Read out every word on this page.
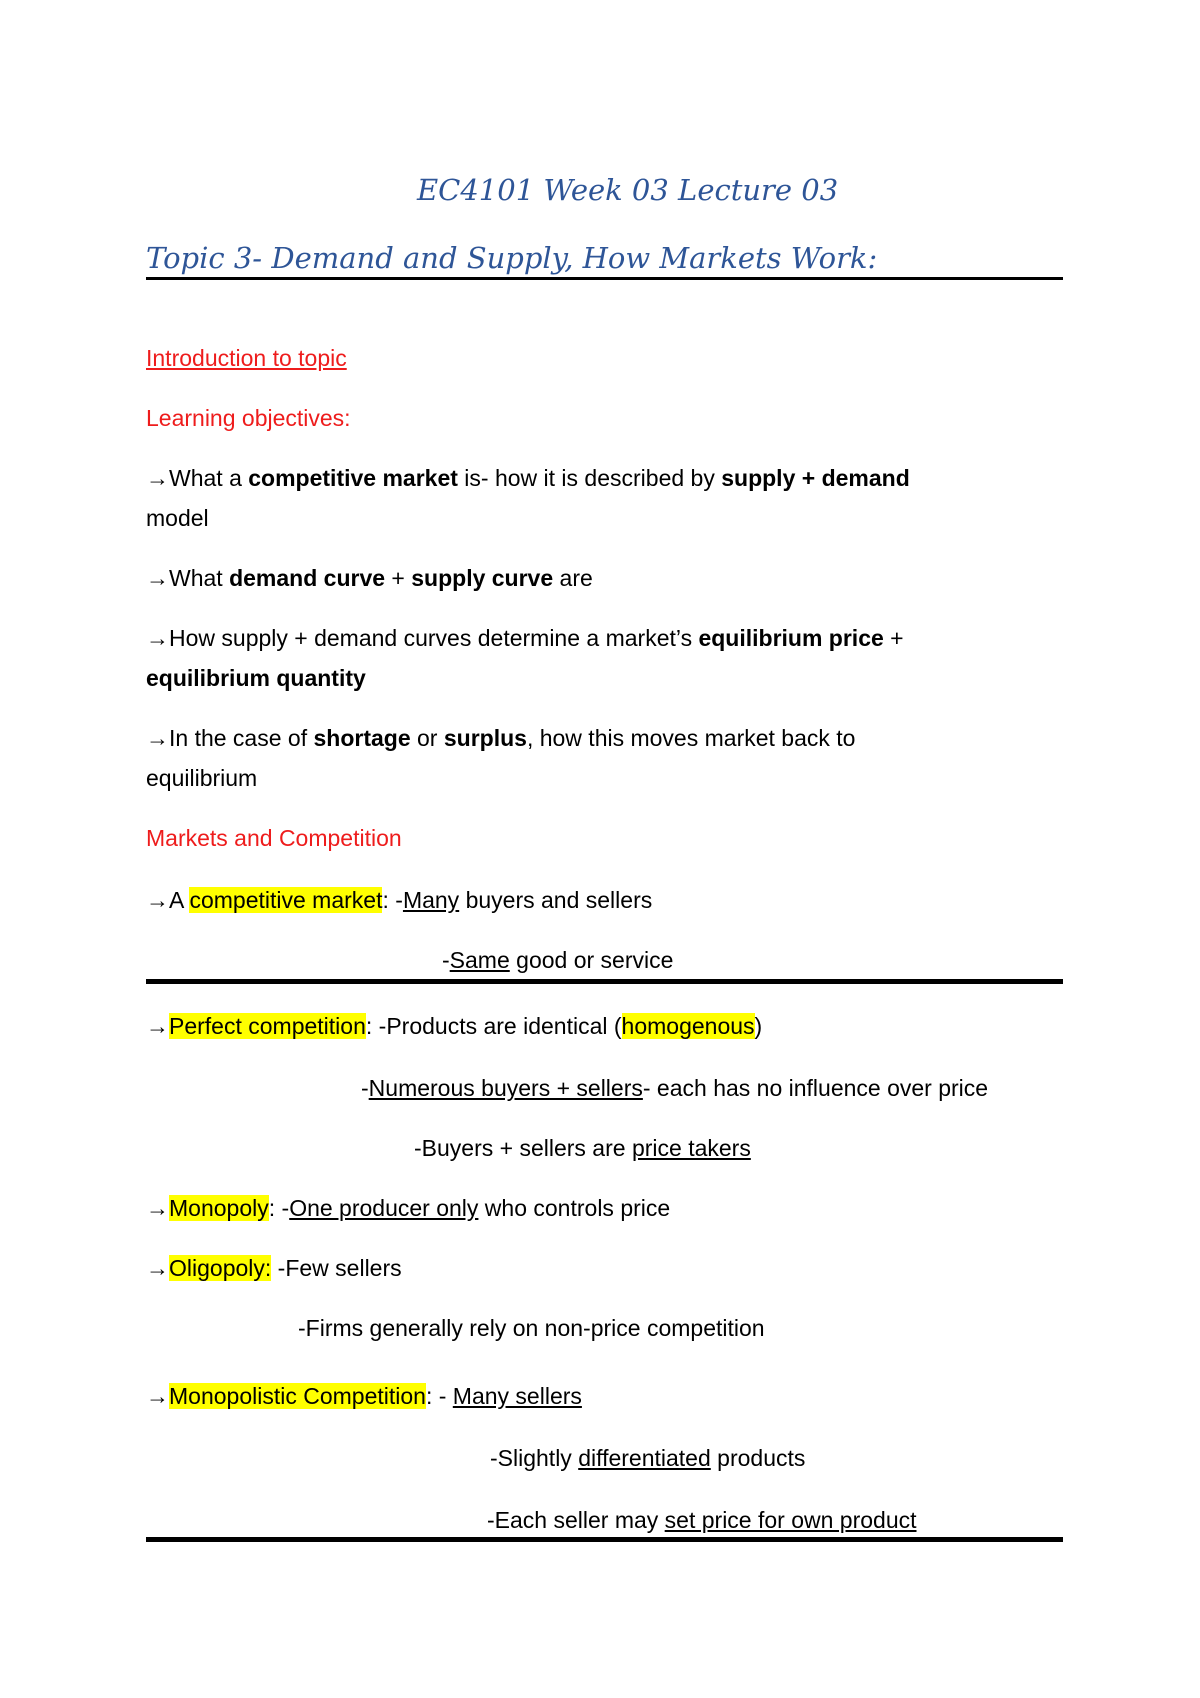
EC4101 Week 03 Lecture 03
Topic 3- Demand and Supply, How Markets Work:
Introduction to topic
Learning objectives:
→What a competitive market is- how it is described by supply + demand
model
→What demand curve + supply curve are
→How supply + demand curves determine a market’s equilibrium price +
equilibrium quantity
→In the case of shortage or surplus, how this moves market back to
equilibrium
Markets and Competition
→A competitive market: -Many buyers and sellers
-Same good or service
→Perfect competition: -Products are identical (homogenous)
-Numerous buyers + sellers- each has no influence over price
-Buyers + sellers are price takers
→Monopoly: -One producer only who controls price
→Oligopoly: -Few sellers
-Firms generally rely on non-price competition
→Monopolistic Competition: - Many sellers
-Slightly differentiated products
-Each seller may set price for own product
